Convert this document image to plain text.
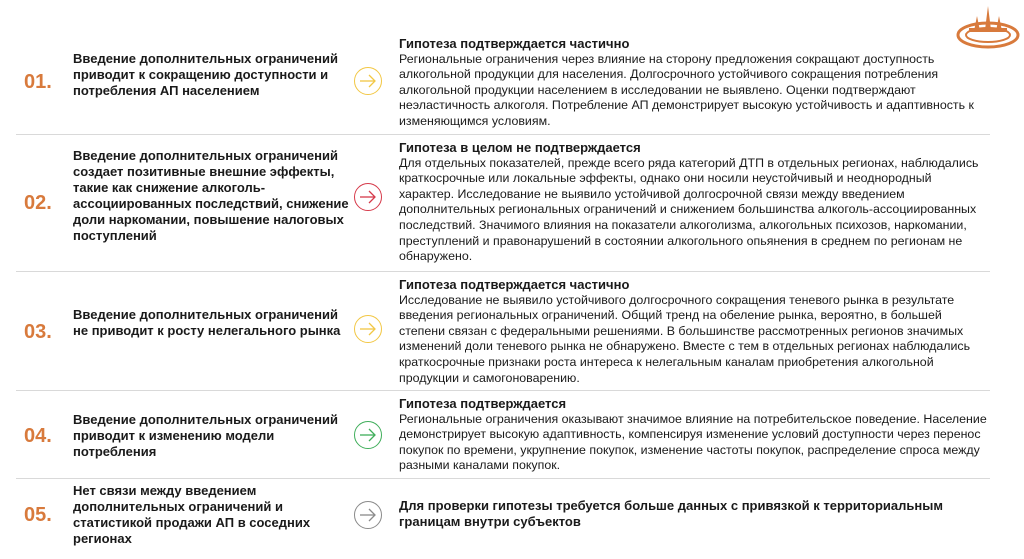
01.
Введение дополнительных ограничений приводит к сокращению доступности и потребления АП населением
Гипотеза подтверждается частично
Региональные ограничения через влияние на сторону предложения сокращают доступность алкогольной продукции для населения. Долгосрочного устойчивого сокращения потребления алкогольной продукции населением в исследовании не выявлено. Оценки подтверждают неэластичность алкоголя. Потребление АП демонстрирует высокую устойчивость и адаптивность к изменяющимся условиям.
02.
Введение дополнительных ограничений создает позитивные внешние эффекты, такие как снижение алкоголь-ассоциированных последствий, снижение доли наркомании, повышение налоговых поступлений
Гипотеза в целом не подтверждается
Для отдельных показателей, прежде всего ряда категорий ДТП в отдельных регионах, наблюдались краткосрочные или локальные эффекты, однако они носили неустойчивый и неоднородный характер. Исследование не выявило устойчивой долгосрочной связи между введением дополнительных региональных ограничений и снижением большинства алкоголь-ассоциированных последствий. Значимого влияния на показатели алкоголизма, алкогольных психозов, наркомании, преступлений и правонарушений в состоянии алкогольного опьянения в среднем по регионам не обнаружено.
03.
Введение дополнительных ограничений не приводит к росту нелегального рынка
Гипотеза подтверждается частично
Исследование не выявило устойчивого долгосрочного сокращения теневого рынка в результате введения региональных ограничений. Общий тренд на обеление рынка, вероятно, в большей степени связан с федеральными решениями. В большинстве рассмотренных регионов значимых изменений доли теневого рынка не обнаружено. Вместе с тем в отдельных регионах наблюдались краткосрочные признаки роста интереса к нелегальным каналам приобретения алкогольной продукции и самогоноварению.
04.
Введение дополнительных ограничений приводит к изменению модели потребления
Гипотеза подтверждается
Региональные ограничения оказывают значимое влияние на потребительское поведение. Население демонстрирует высокую адаптивность, компенсируя изменение условий доступности через перенос покупок по времени, укрупнение покупок, изменение частоты покупок, распределение спроса между разными каналами покупок.
05.
Нет связи между введением дополнительных ограничений и статистикой продажи АП в соседних регионах
Для проверки гипотезы требуется больше данных с привязкой к территориальным границам внутри субъектов
